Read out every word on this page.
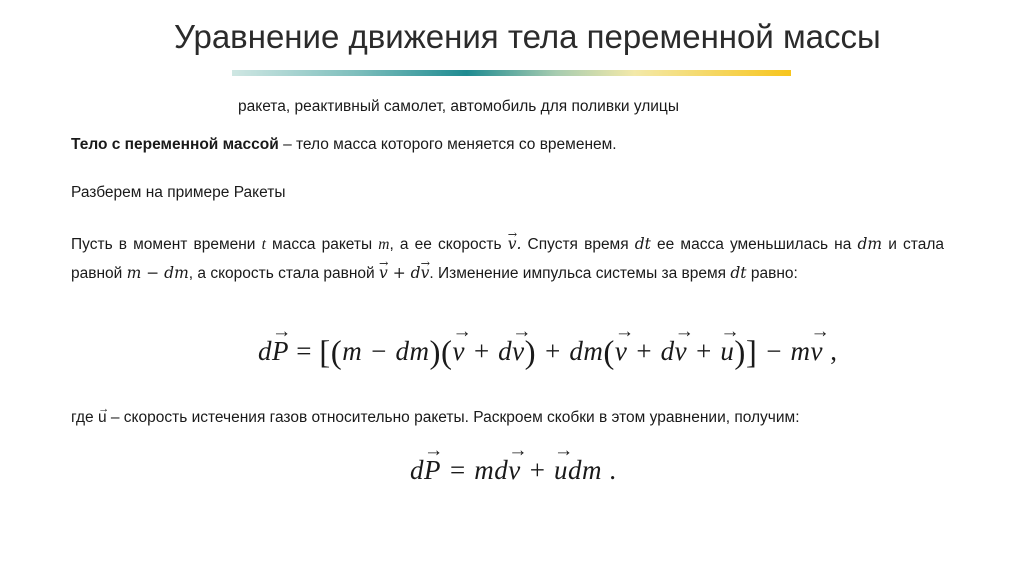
Уравнение движения тела переменной массы
ракета, реактивный самолет, автомобиль для поливки улицы
Тело с переменной массой – тело масса которого меняется со временем.
Разберем на примере Ракеты
Пусть в момент времени t масса ракеты m, а ее скорость → v. Спустя время dt ее масса уменьшилась на dm и стала равной m − dm, а скорость стала равной → v + d→ v. Изменение импульса системы за время dt равно:
d→ P = [(m − dm)(→ v + d→ v) + dm(→ v + d→ v + → u)] − m→ v ,
где → u – скорость истечения газов относительно ракеты. Раскроем скобки в этом уравнении, получим:
d→ P = md→ v + → udm .
